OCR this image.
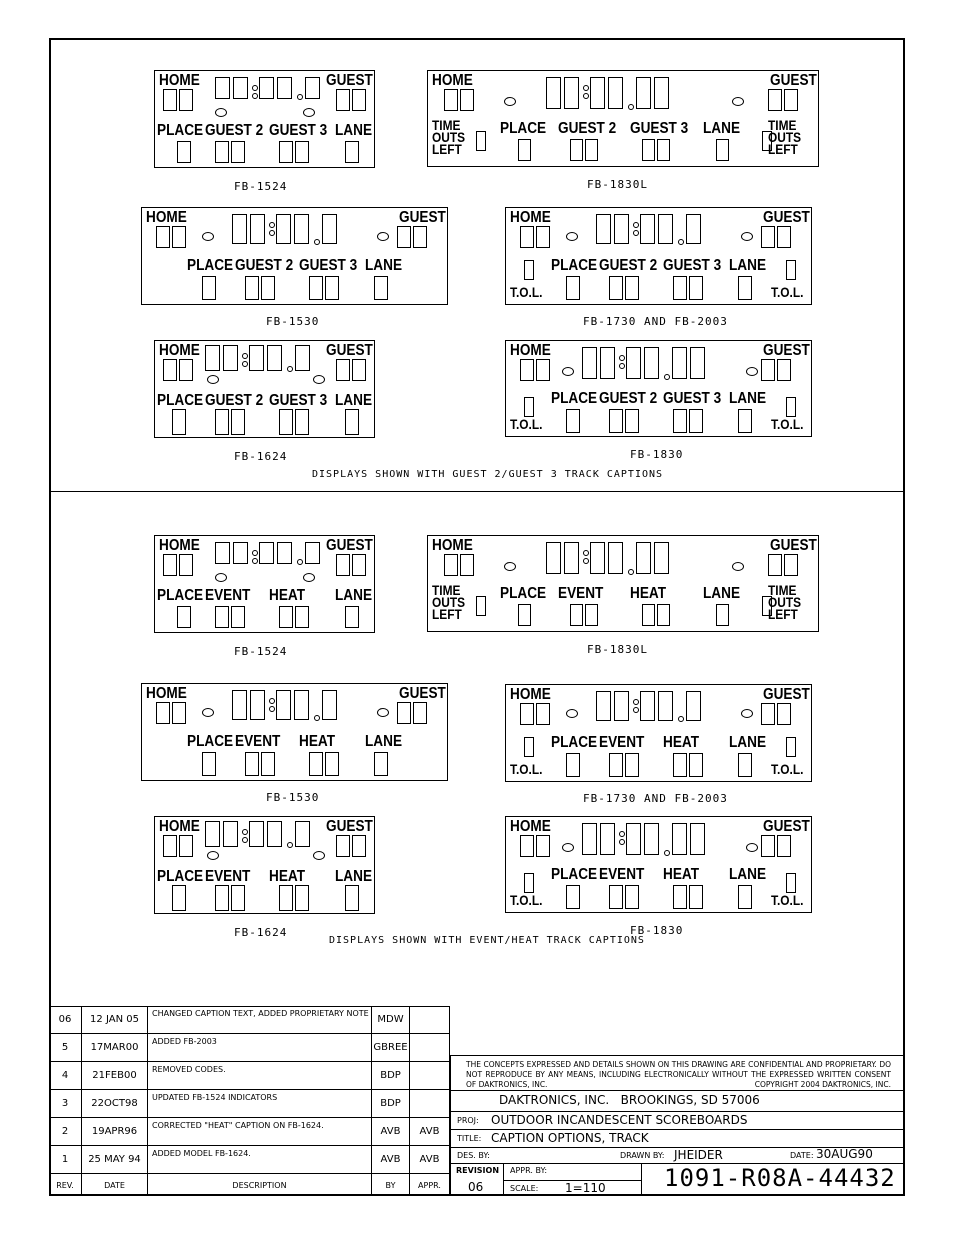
HOME	GUEST
PLACE GUEST 2 GUEST 3 LANE
FB-1524
HOME	GUEST
PLACE GUEST 2 GUEST 3 LANE
TIME OUTS LEFT
TIME OUTS LEFT
FB-1830L
HOME	GUEST
PLACE GUEST 2 GUEST 3 LANE
FB-1530
HOME	GUEST
PLACE GUEST 2 GUEST 3 LANE
T.O.L.	T.O.L.
FB-1730 AND FB-2003
HOME	GUEST
PLACE GUEST 2 GUEST 3 LANE
FB-1624
HOME	GUEST
PLACE GUEST 2 GUEST 3 LANE
T.O.L.	T.O.L.
FB-1830
HOME	GUEST
PLACE EVENT HEAT LANE
FB-1524
HOME	GUEST
PLACE EVENT HEAT LANE
TIME OUTS LEFT
TIME OUTS LEFT
FB-1830L
HOME	GUEST
PLACE EVENT HEAT LANE
FB-1530
HOME	GUEST
PLACE EVENT HEAT LANE
T.O.L.	T.O.L.
FB-1730 AND FB-2003
HOME	GUEST
PLACE EVENT HEAT LANE
FB-1624
HOME	GUEST
PLACE EVENT HEAT LANE
T.O.L.	T.O.L.
FB-1830
DISPLAYS SHOWN WITH GUEST 2/GUEST 3 TRACK CAPTIONS
DISPLAYS SHOWN WITH EVENT/HEAT TRACK CAPTIONS
06 12 JAN 05
CHANGED CAPTION TEXT, ADDED PROPRIETARY NOTE
MDW
5 17MAR00
ADDED FB-2003
GBREE
4 21FEB00
REMOVED CODES.
BDP
3 22OCT98
UPDATED FB-1524 INDICATORS
BDP
2 19APR96
CORRECTED "HEAT" CAPTION ON FB-1624.
AVB AVB
1 25 MAY 94
ADDED MODEL FB-1624.
AVB AVB
REV.	DATE	DESCRIPTION	BY	APPR.
THE CONCEPTS EXPRESSED AND DETAILS SHOWN ON THIS DRAWING ARE CONFIDENTIAL AND PROPRIETARY. DO NOT REPRODUCE BY ANY MEANS, INCLUDING ELECTRONICALLY WITHOUT THE EXPRESSED WRITTEN CONSENT OF DAKTRONICS, INC.	COPYRIGHT 2004 DAKTRONICS, INC.
DAKTRONICS, INC.   BROOKINGS, SD 57006
PROJ: OUTDOOR INCANDESCENT SCOREBOARDS
TITLE: CAPTION OPTIONS, TRACK
DES. BY:	DRAWN BY: JHEIDER	DATE: 30AUG90
REVISION
06
APPR. BY:
SCALE: 1=110 1091-R08A-44432
